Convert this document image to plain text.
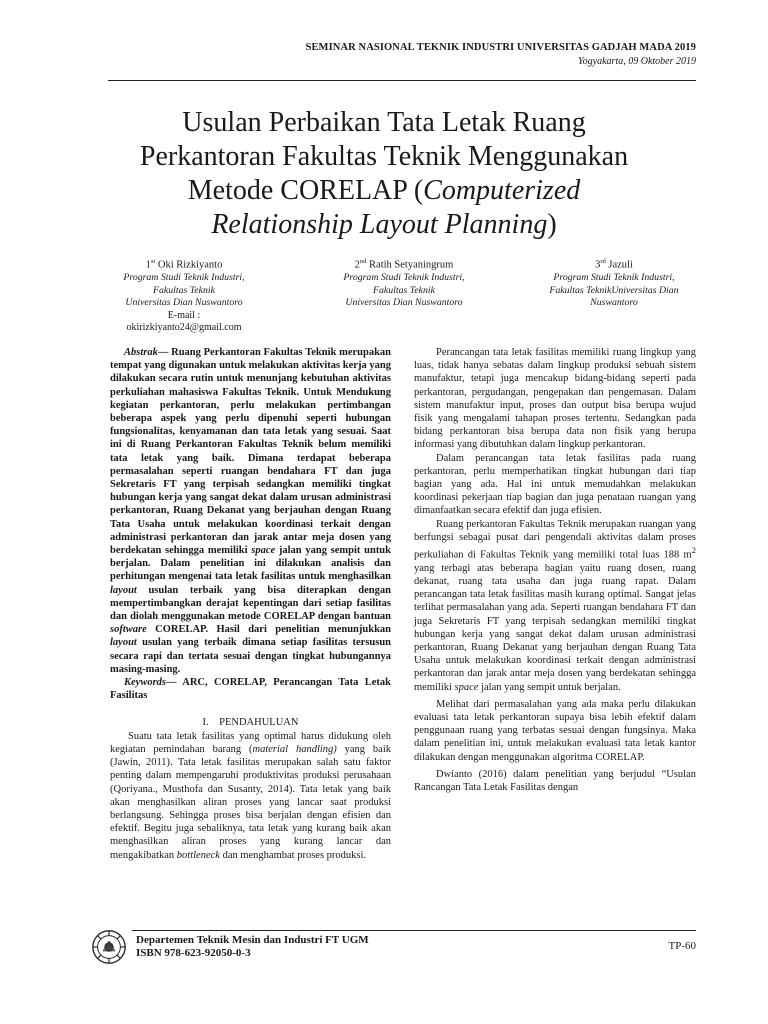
SEMINAR NASIONAL TEKNIK INDUSTRI UNIVERSITAS GADJAH MADA 2019
Yogyakarta, 09 Oktober 2019
Usulan Perbaikan Tata Letak Ruang
Perkantoran Fakultas Teknik Menggunakan
Metode CORELAP (Computerized
Relationship Layout Planning)
1st Oki Rizkiyanto
Program Studi Teknik Industri,
Fakultas Teknik
Universitas Dian Nuswantoro
E-mail :
okirizkiyanto24@gmail.com
2nd Ratih Setyaningrum
Program Studi Teknik Industri,
Fakultas Teknik
Universitas Dian Nuswantoro
3rd Jazuli
Program Studi Teknik Industri,
Fakultas TeknikUniversitas Dian
Nuswantoro
Abstrak— Ruang Perkantoran Fakultas Teknik merupakan tempat yang digunakan untuk melakukan aktivitas kerja yang dilakukan secara rutin untuk menunjang kebutuhan aktivitas perkuliahan mahasiswa Fakultas Teknik. Untuk Mendukung kegiatan perkantoran, perlu melakukan pertimbangan beberapa aspek yang perlu dipenuhi seperti hubungan fungsionalitas, kenyamanan dan tata letak yang sesuai. Saat ini di Ruang Perkantoran Fakultas Teknik belum memiliki tata letak yang baik. Dimana terdapat beberapa permasalahan seperti ruangan bendahara FT dan juga Sekretaris FT yang terpisah sedangkan memiliki tingkat hubungan kerja yang sangat dekat dalam urusan administrasi perkantoran, Ruang Dekanat yang berjauhan dengan Ruang Tata Usaha untuk melakukan koordinasi terkait dengan administrasi perkantoran dan jarak antar meja dosen yang berdekatan sehingga memiliki space jalan yang sempit untuk berjalan. Dalam penelitian ini dilakukan analisis dan perhitungan mengenai tata letak fasilitas untuk menghasilkan layout usulan terbaik yang bisa diterapkan dengan mempertimbangkan derajat kepentingan dari setiap fasilitas dan diolah menggunakan metode CORELAP dengan bantuan software CORELAP. Hasil dari penelitian menunjukkan layout usulan yang terbaik dimana setiap fasilitas tersusun secara rapi dan tertata sesuai dengan tingkat hubungannya masing-masing.
Keywords— ARC, CORELAP, Perancangan Tata Letak Fasilitas
I. PENDAHULUAN

Suatu tata letak fasilitas yang optimal harus didukung oleh kegiatan pemindahan barang (material handling) yang baik (Jawin, 2011). Tata letak fasilitas merupakan salah satu faktor penting dalam mempengaruhi produktivitas produksi perusahaan (Qoriyana., Musthofa dan Susanty, 2014). Tata letak yang baik akan menghasilkan aliran proses yang lancar saat produksi berlangsung. Sehingga proses bisa berjalan dengan efisien dan efektif. Begitu juga sebaliknya, tata letak yang kurang baik akan menghasilkan aliran proses yang kurang lancar dan mengakibatkan bottleneck dan menghambat proses produksi.

Perancangan tata letak fasilitas memiliki ruang lingkup yang luas, tidak hanya sebatas dalam lingkup produksi sebuah sistem manufaktur, tetapi juga mencakup bidang-bidang seperti pada perkantoran, pergudangan, pengepakan dan pengemasan. Dalam sistem manufaktur input, proses dan output bisa berupa wujud fisik yang mengalami tahapan proses tertentu. Sedangkan pada bidang perkantoran bisa berupa data non fisik yang berupa informasi yang dibutuhkan dalam lingkup perkantoran.

Dalam perancangan tata letak fasilitas pada ruang perkantoran, perlu memperhatikan tingkat hubungan dari tiap bagian yang ada. Hal ini untuk memudahkan melakukan koordinasi pekerjaan tiap bagian dan juga penataan ruangan yang dimanfaatkan secara efektif dan juga efisien.

Ruang perkantoran Fakultas Teknik merupakan ruangan yang berfungsi sebagai pusat dari pengendali aktivitas dalam proses perkuliahan di Fakultas Teknik yang memiliki total luas 188 $m^2$ yang terbagi atas beberapa bagian yaitu ruang dosen, ruang dekanat, ruang tata usaha dan juga ruang rapat. Dalam perancangan tata letak fasilitas masih kurang optimal. Sangat jelas terlihat permasalahan yang ada. Seperti ruangan bendahara FT dan juga Sekretaris FT yang terpisah sedangkan memiliki tingkat hubungan kerja yang sangat dekat dalam urusan administrasi perkantoran, Ruang Dekanat yang berjauhan dengan Ruang Tata Usaha untuk melakukan koordinasi terkait dengan administrasi perkantoran dan jarak antar meja dosen yang berdekatan sehingga memiliki space jalan yang sempit untuk berjalan.

Melihat dari permasalahan yang ada maka perlu dilakukan evaluasi tata letak perkantoran supaya bisa lebih efektif dalam penggunaan ruang yang terbatas sesuai dengan fungsinya. Maka dalam penelitian ini, untuk melakukan evaluasi tata letak kantor dilakukan dengan menggunakan algoritma CORELAP.

Dwianto (2016) dalam penelitian yang berjudul “Usulan Rancangan Tata Letak Fasilitas dengan

Departemen Teknik Mesin dan Industri FT UGM
ISBN 978-623-92050-0-3
TP-60
